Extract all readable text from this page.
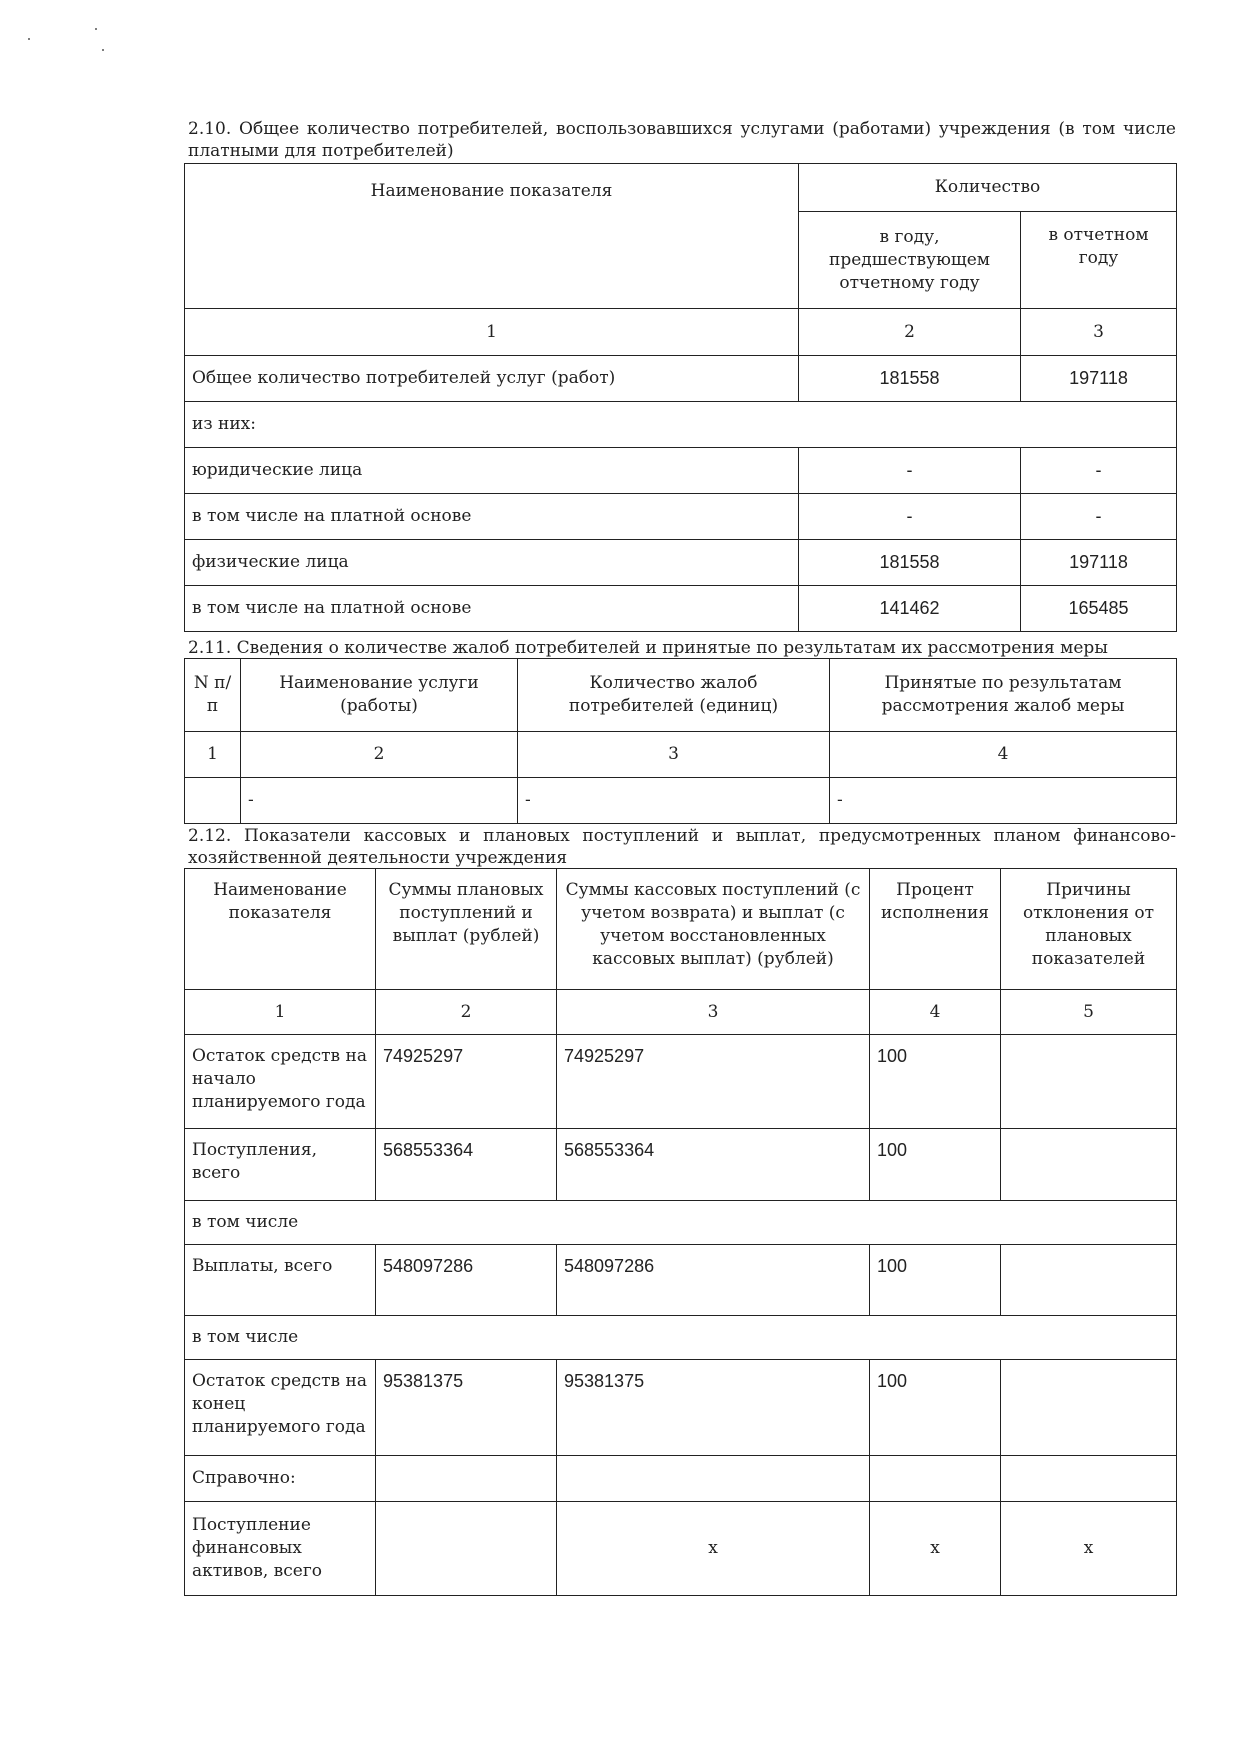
2.10. Общее количество потребителей, воспользовавшихся услугами (работами) учреждения (в том числе платными для потребителей)
Наименование показателя	Количество	
	в году, предшествующем отчетному году	в отчетном году
1	2	3
Общее количество потребителей услуг (работ)	181558	197118
из них:		
юридические лица	-	-
в том числе на платной основе	-	-
физические лица	181558	197118
в том числе на платной основе	141462	165485
2.11. Сведения о количестве жалоб потребителей и принятые по результатам их рассмотрения меры
N п/п	Наименование услуги (работы)	Количество жалоб потребителей (единиц)	Принятые по результатам рассмотрения жалоб меры
1	2	3	4
	-	-	-
2.12. Показатели кассовых и плановых поступлений и выплат, предусмотренных планом финансово-хозяйственной деятельности учреждения
Наименование показателя	Суммы плановых поступлений и выплат (рублей)	Суммы кассовых поступлений (с учетом возврата) и выплат (с учетом восстановленных кассовых выплат) (рублей)	Процент исполнения	Причины отклонения от плановых показателей
1	2	3	4	5
Остаток средств на начало планируемого года	74925297	74925297	100	
Поступления, всего	568553364	568553364	100	
в том числе				
Выплаты, всего	548097286	548097286	100	
в том числе				
Остаток средств на конец планируемого года	95381375	95381375	100	
Справочно:				
Поступление финансовых активов, всего		x	x	x
